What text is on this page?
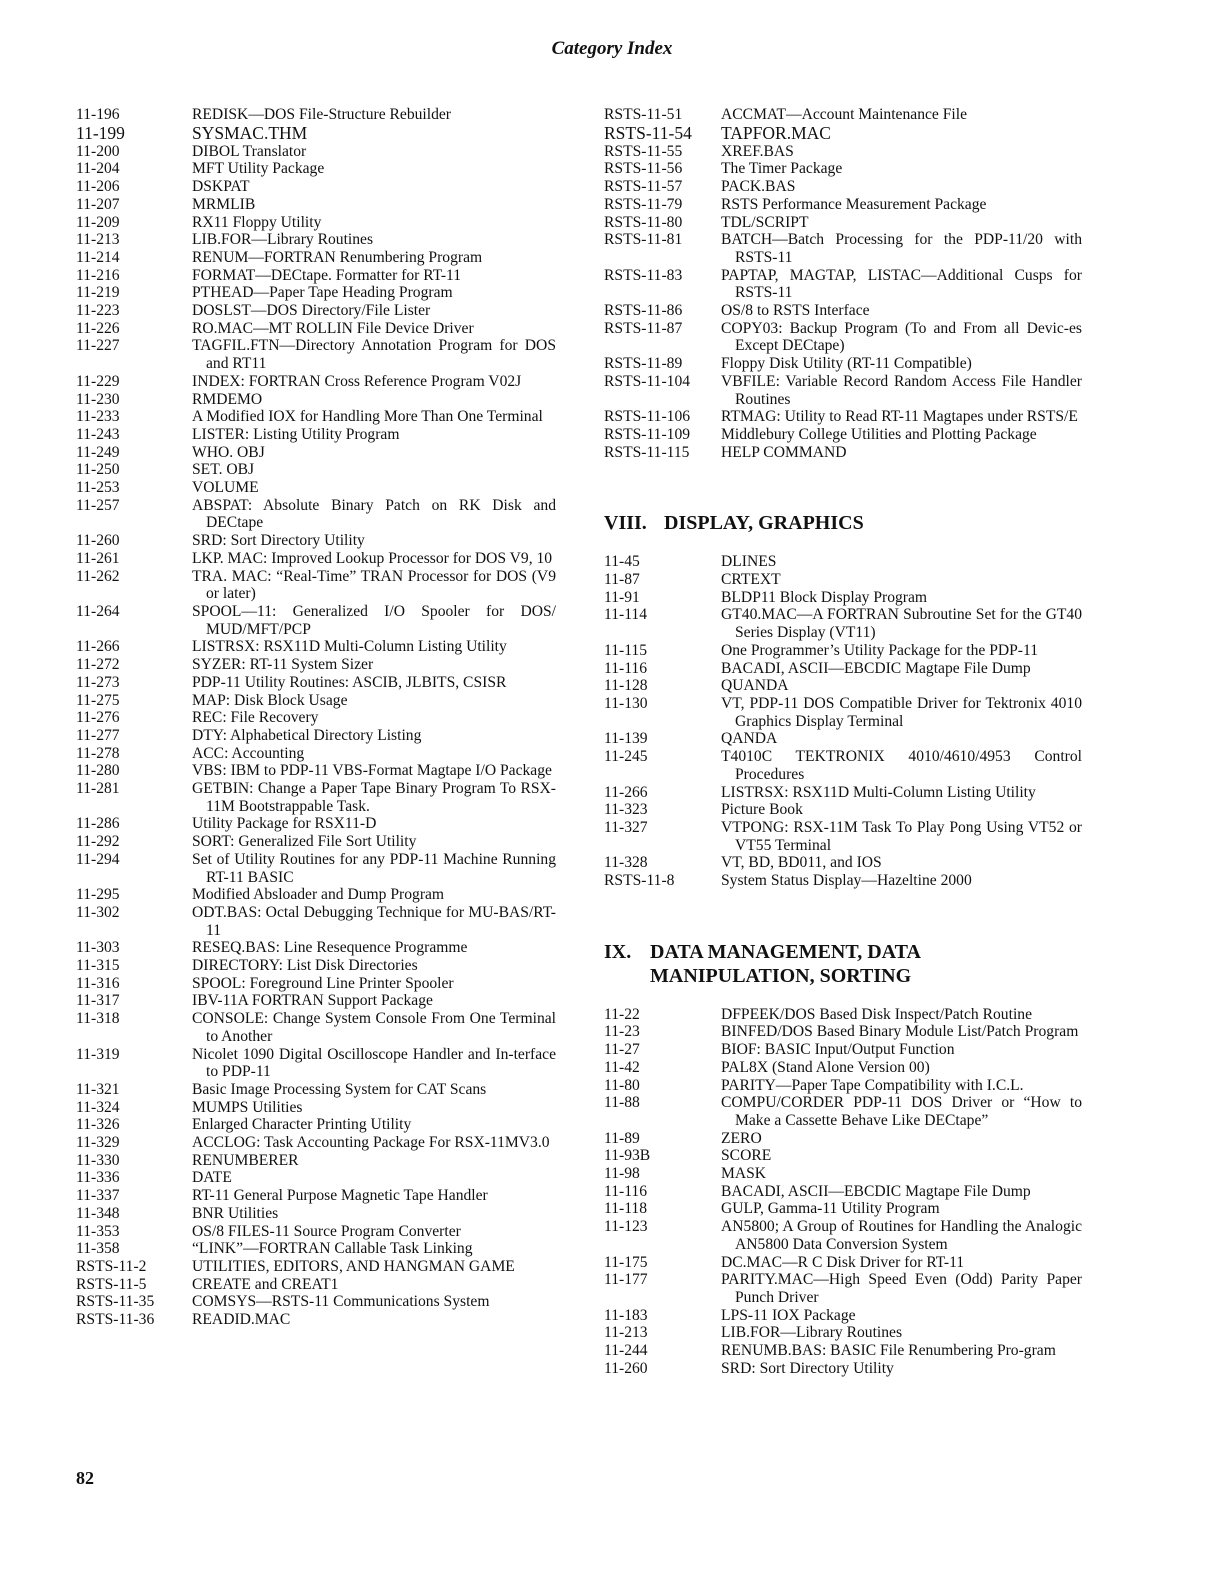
Category Index
11-196	REDISK—DOS File-Structure Rebuilder
11-199	SYSMAC.THM
11-200	DIBOL Translator
11-204	MFT Utility Package
11-206	DSKPAT
11-207	MRMLIB
11-209	RX11 Floppy Utility
11-213	LIB.FOR—Library Routines
11-214	RENUM—FORTRAN Renumbering Program
11-216	FORMAT—DECtape. Formatter for RT-11
11-219	PTHEAD—Paper Tape Heading Program
11-223	DOSLST—DOS Directory/File Lister
11-226	RO.MAC—MT ROLLIN File Device Driver
11-227	TAGFIL.FTN—Directory Annotation Program for DOS and RT11
11-229	INDEX: FORTRAN Cross Reference Program V02J
11-230	RMDEMO
11-233	A Modified IOX for Handling More Than One Terminal
11-243	LISTER: Listing Utility Program
11-249	WHO. OBJ
11-250	SET. OBJ
11-253	VOLUME
11-257	ABSPAT: Absolute Binary Patch on RK Disk and DECtape
11-260	SRD: Sort Directory Utility
11-261	LKP. MAC: Improved Lookup Processor for DOS V9, 10
11-262	TRA. MAC: “Real-Time” TRAN Processor for DOS (V9 or later)
11-264	SPOOL—11: Generalized I/O Spooler for DOS/ MUD/MFT/PCP
11-266	LISTRSX: RSX11D Multi-Column Listing Utility
11-272	SYZER: RT-11 System Sizer
11-273	PDP-11 Utility Routines: ASCIB, JLBITS, CSISR
11-275	MAP: Disk Block Usage
11-276	REC: File Recovery
11-277	DTY: Alphabetical Directory Listing
11-278	ACC: Accounting
11-280	VBS: IBM to PDP-11 VBS-Format Magtape I/O Package
11-281	GETBIN: Change a Paper Tape Binary Program To RSX-11M Bootstrappable Task.
11-286	Utility Package for RSX11-D
11-292	SORT: Generalized File Sort Utility
11-294	Set of Utility Routines for any PDP-11 Machine Running RT-11 BASIC
11-295	Modified Absloader and Dump Program
11-302	ODT.BAS: Octal Debugging Technique for MU-BAS/RT-11
11-303	RESEQ.BAS: Line Resequence Programme
11-315	DIRECTORY: List Disk Directories
11-316	SPOOL: Foreground Line Printer Spooler
11-317	IBV-11A FORTRAN Support Package
11-318	CONSOLE: Change System Console From One Terminal to Another
11-319	Nicolet 1090 Digital Oscilloscope Handler and In-terface to PDP-11
11-321	Basic Image Processing System for CAT Scans
11-324	MUMPS Utilities
11-326	Enlarged Character Printing Utility
11-329	ACCLOG: Task Accounting Package For RSX-11MV3.0
11-330	RENUMBERER
11-336	DATE
11-337	RT-11 General Purpose Magnetic Tape Handler
11-348	BNR Utilities
11-353	OS/8 FILES-11 Source Program Converter
11-358	“LINK”—FORTRAN Callable Task Linking
RSTS-11-2	UTILITIES, EDITORS, AND HANGMAN GAME
RSTS-11-5	CREATE and CREAT1
RSTS-11-35	COMSYS—RSTS-11 Communications System
RSTS-11-36	READID.MAC
RSTS-11-51	ACCMAT—Account Maintenance File
RSTS-11-54	TAPFOR.MAC
RSTS-11-55	XREF.BAS
RSTS-11-56	The Timer Package
RSTS-11-57	PACK.BAS
RSTS-11-79	RSTS Performance Measurement Package
RSTS-11-80	TDL/SCRIPT
RSTS-11-81	BATCH—Batch Processing for the PDP-11/20 with RSTS-11
RSTS-11-83	PAPTAP, MAGTAP, LISTAC—Additional Cusps for RSTS-11
RSTS-11-86	OS/8 to RSTS Interface
RSTS-11-87	COPY03: Backup Program (To and From all Devic-es Except DECtape)
RSTS-11-89	Floppy Disk Utility (RT-11 Compatible)
RSTS-11-104	VBFILE: Variable Record Random Access File Handler Routines
RSTS-11-106	RTMAG: Utility to Read RT-11 Magtapes under RSTS/E
RSTS-11-109	Middlebury College Utilities and Plotting Package
RSTS-11-115	HELP COMMAND
VIII. DISPLAY, GRAPHICS
11-45	DLINES
11-87	CRTEXT
11-91	BLDP11 Block Display Program
11-114	GT40.MAC—A FORTRAN Subroutine Set for the GT40 Series Display (VT11)
11-115	One Programmer’s Utility Package for the PDP-11
11-116	BACADI, ASCII—EBCDIC Magtape File Dump
11-128	QUANDA
11-130	VT, PDP-11 DOS Compatible Driver for Tektronix 4010 Graphics Display Terminal
11-139	QANDA
11-245	T4010C TEKTRONIX 4010/4610/4953 Control Procedures
11-266	LISTRSX: RSX11D Multi-Column Listing Utility
11-323	Picture Book
11-327	VTPONG: RSX-11M Task To Play Pong Using VT52 or VT55 Terminal
11-328	VT, BD, BD011, and IOS
RSTS-11-8	System Status Display—Hazeltine 2000
IX. DATA MANAGEMENT, DATA
MANIPULATION, SORTING
11-22	DFPEEK/DOS Based Disk Inspect/Patch Routine
11-23	BINFED/DOS Based Binary Module List/Patch Program
11-27	BIOF: BASIC Input/Output Function
11-42	PAL8X (Stand Alone Version 00)
11-80	PARITY—Paper Tape Compatibility with I.C.L.
11-88	COMPU/CORDER PDP-11 DOS Driver or “How to Make a Cassette Behave Like DECtape”
11-89	ZERO
11-93B	SCORE
11-98	MASK
11-116	BACADI, ASCII—EBCDIC Magtape File Dump
11-118	GULP, Gamma-11 Utility Program
11-123	AN5800; A Group of Routines for Handling the Analogic AN5800 Data Conversion System
11-175	DC.MAC—R C Disk Driver for RT-11
11-177	PARITY.MAC—High Speed Even (Odd) Parity Paper Punch Driver
11-183	LPS-11 IOX Package
11-213	LIB.FOR—Library Routines
11-244	RENUMB.BAS: BASIC File Renumbering Pro-gram
11-260	SRD: Sort Directory Utility
82
